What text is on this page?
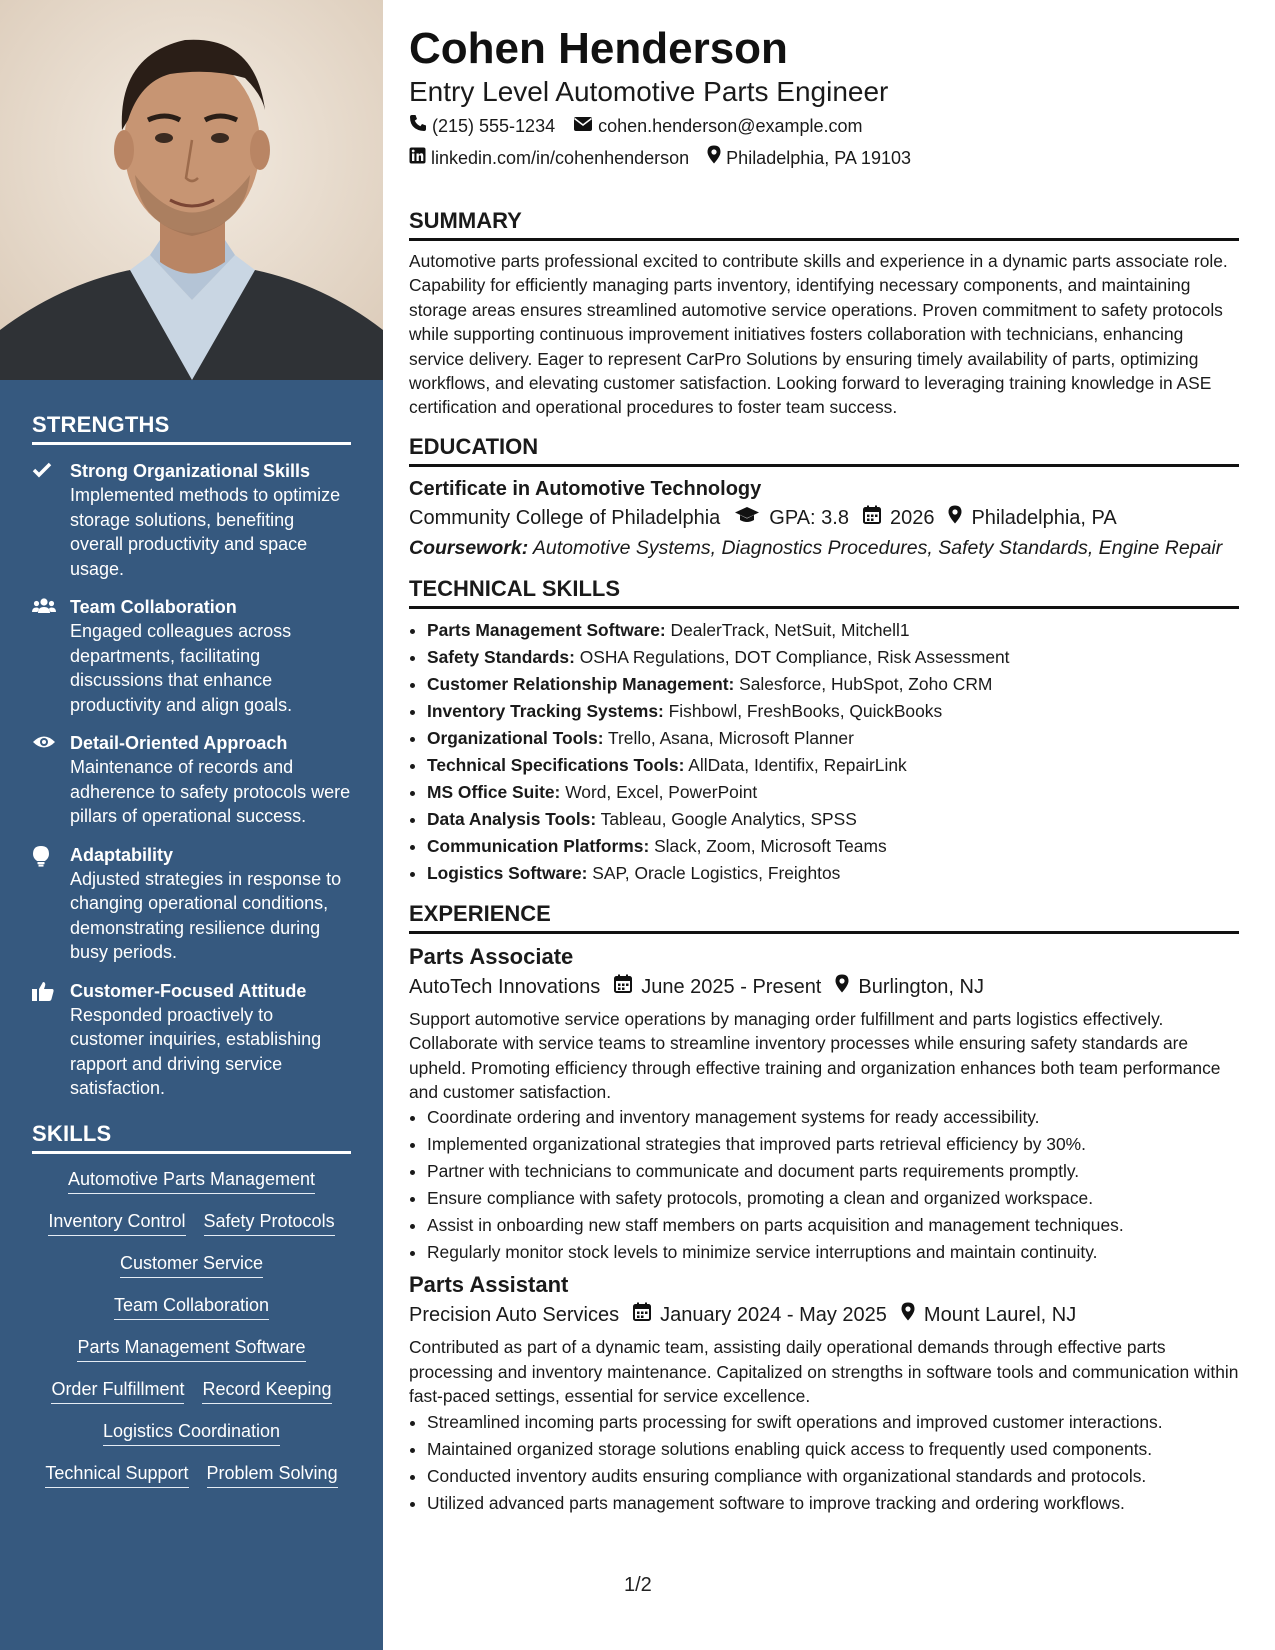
STRENGTHS
Strong Organizational Skills
Implemented methods to optimize storage solutions, benefiting overall productivity and space usage.
Team Collaboration
Engaged colleagues across departments, facilitating discussions that enhance productivity and align goals.
Detail-Oriented Approach
Maintenance of records and adherence to safety protocols were pillars of operational success.
Adaptability
Adjusted strategies in response to changing operational conditions, demonstrating resilience during busy periods.
Customer-Focused Attitude
Responded proactively to customer inquiries, establishing rapport and driving service satisfaction.
SKILLS
Automotive Parts Management
Inventory Control Safety Protocols
Customer Service
Team Collaboration
Parts Management Software
Order Fulfillment Record Keeping
Logistics Coordination
Technical Support Problem Solving
Cohen Henderson
Entry Level Automotive Parts Engineer
(215) 555-1234 cohen.henderson@example.com
linkedin.com/in/cohenhenderson Philadelphia, PA 19103
SUMMARY
Automotive parts professional excited to contribute skills and experience in a dynamic parts associate role. Capability for efficiently managing parts inventory, identifying necessary components, and maintaining storage areas ensures streamlined automotive service operations. Proven commitment to safety protocols while supporting continuous improvement initiatives fosters collaboration with technicians, enhancing service delivery. Eager to represent CarPro Solutions by ensuring timely availability of parts, optimizing workflows, and elevating customer satisfaction. Looking forward to leveraging training knowledge in ASE certification and operational procedures to foster team success.
EDUCATION
Certificate in Automotive Technology
Community College of Philadelphia GPA: 3.8 2026 Philadelphia, PA
Coursework: Automotive Systems, Diagnostics Procedures, Safety Standards, Engine Repair
TECHNICAL SKILLS
• Parts Management Software: DealerTrack, NetSuit, Mitchell1
• Safety Standards: OSHA Regulations, DOT Compliance, Risk Assessment
• Customer Relationship Management: Salesforce, HubSpot, Zoho CRM
• Inventory Tracking Systems: Fishbowl, FreshBooks, QuickBooks
• Organizational Tools: Trello, Asana, Microsoft Planner
• Technical Specifications Tools: AllData, Identifix, RepairLink
• MS Office Suite: Word, Excel, PowerPoint
• Data Analysis Tools: Tableau, Google Analytics, SPSS
• Communication Platforms: Slack, Zoom, Microsoft Teams
• Logistics Software: SAP, Oracle Logistics, Freightos
EXPERIENCE
Parts Associate
AutoTech Innovations June 2025 - Present Burlington, NJ
Support automotive service operations by managing order fulfillment and parts logistics effectively. Collaborate with service teams to streamline inventory processes while ensuring safety standards are upheld. Promoting efficiency through effective training and organization enhances both team performance and customer satisfaction.
• Coordinate ordering and inventory management systems for ready accessibility.
• Implemented organizational strategies that improved parts retrieval efficiency by 30%.
• Partner with technicians to communicate and document parts requirements promptly.
• Ensure compliance with safety protocols, promoting a clean and organized workspace.
• Assist in onboarding new staff members on parts acquisition and management techniques.
• Regularly monitor stock levels to minimize service interruptions and maintain continuity.
Parts Assistant
Precision Auto Services January 2024 - May 2025 Mount Laurel, NJ
Contributed as part of a dynamic team, assisting daily operational demands through effective parts processing and inventory maintenance. Capitalized on strengths in software tools and communication within fast-paced settings, essential for service excellence.
• Streamlined incoming parts processing for swift operations and improved customer interactions.
• Maintained organized storage solutions enabling quick access to frequently used components.
• Conducted inventory audits ensuring compliance with organizational standards and protocols.
• Utilized advanced parts management software to improve tracking and ordering workflows.
1/2
